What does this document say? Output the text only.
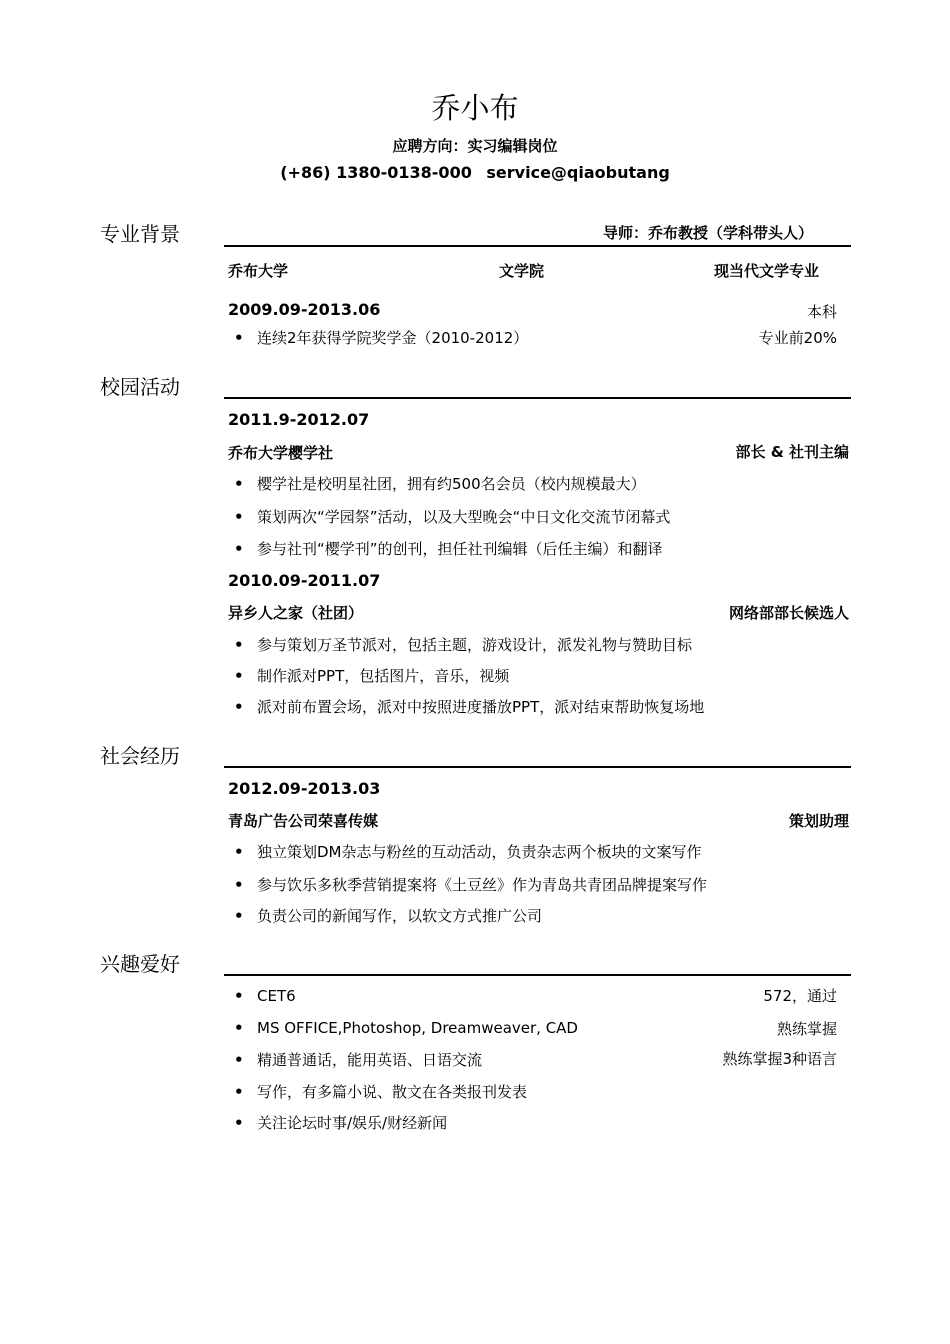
乔小布
应聘方向：实习编辑岗位
(+86) 1380-0138-000 service@qiaobutang
专业背景	导师：乔布教授（学科带头人）
乔布大学	文学院	现当代文学专业
2009.09-2013.06	本科
• 连续2年获得学院奖学金（2010-2012）	专业前20%
校园活动
2011.9-2012.07
乔布大学樱学社	部长 & 社刊主编
• 樱学社是校明星社团，拥有约500名会员（校内规模最大）
• 策划两次“学园祭”活动，以及大型晚会“中日文化交流节闭幕式
• 参与社刊“樱学刊”的创刊，担任社刊编辑（后任主编）和翻译
2010.09-2011.07
异乡人之家（社团）	网络部部长候选人
• 参与策划万圣节派对，包括主题，游戏设计，派发礼物与赞助目标
• 制作派对PPT，包括图片，音乐，视频
• 派对前布置会场，派对中按照进度播放PPT，派对结束帮助恢复场地
社会经历
2012.09-2013.03
青岛广告公司荣喜传媒	策划助理
• 独立策划DM杂志与粉丝的互动活动，负责杂志两个板块的文案写作
• 参与饮乐多秋季营销提案将《土豆丝》作为青岛共青团品牌提案写作
• 负责公司的新闻写作，以软文方式推广公司
兴趣爱好
• CET6	572，通过
• MS OFFICE,Photoshop, Dreamweaver, CAD	熟练掌握
• 精通普通话，能用英语、日语交流	熟练掌握3种语言
• 写作，有多篇小说、散文在各类报刊发表
• 关注论坛时事/娱乐/财经新闻
